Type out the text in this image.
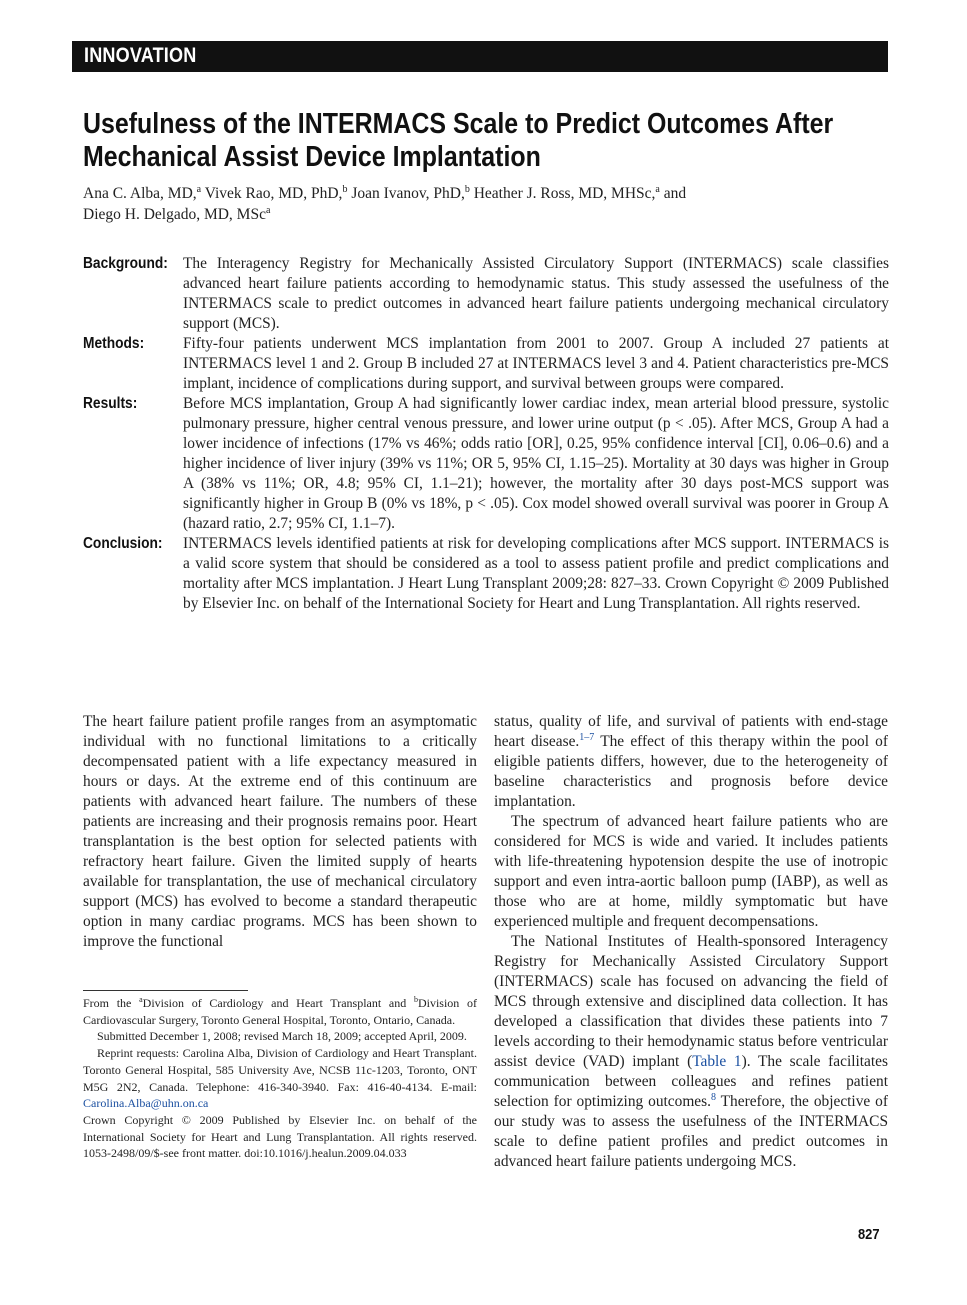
INNOVATION
Usefulness of the INTERMACS Scale to Predict Outcomes After
Mechanical Assist Device Implantation
Ana C. Alba, MD,$^a$ Vivek Rao, MD, PhD,$^b$ Joan Ivanov, PhD,$^b$ Heather J. Ross, MD, MHSc,$^a$ and
Diego H. Delgado, MD, MSc$^a$
Background: The Interagency Registry for Mechanically Assisted Circulatory Support (INTERMACS) scale classifies advanced heart failure patients according to hemodynamic status. This study assessed the usefulness of the INTERMACS scale to predict outcomes in advanced heart failure patients undergoing mechanical circulatory support (MCS).
Methods:	Fifty-four patients underwent MCS implantation from 2001 to 2007. Group A included 27 patients at INTERMACS level 1 and 2. Group B included 27 at INTERMACS level 3 and 4. Patient characteristics pre-MCS implant, incidence of complications during support, and survival between groups were compared.
Results:	Before MCS implantation, Group A had significantly lower cardiac index, mean arterial blood pressure, systolic pulmonary pressure, higher central venous pressure, and lower urine output (p < .05). After MCS, Group A had a lower incidence of infections (17% vs 46%; odds ratio [OR], 0.25, 95% confidence interval [CI], 0.06–0.6) and a higher incidence of liver injury (39% vs 11%; OR 5, 95% CI, 1.15–25). Mortality at 30 days was higher in Group A (38% vs 11%; OR, 4.8; 95% CI, 1.1–21); however, the mortality after 30 days post-MCS support was significantly higher in Group B (0% vs 18%, p < .05). Cox model showed overall survival was poorer in Group A (hazard ratio, 2.7; 95% CI, 1.1–7).
Conclusion: INTERMACS levels identified patients at risk for developing complications after MCS support. INTERMACS is a valid score system that should be considered as a tool to assess patient profile and predict complications and mortality after MCS implantation. J Heart Lung Transplant 2009;28: 827–33. Crown Copyright © 2009 Published by Elsevier Inc. on behalf of the International Society for Heart and Lung Transplantation. All rights reserved.

The heart failure patient profile ranges from an asymptomatic individual with no functional limitations to a critically decompensated patient with a life expectancy measured in hours or days. At the extreme end of this continuum are patients with advanced heart failure. The numbers of these patients are increasing and their prognosis remains poor. Heart transplantation is the best option for selected patients with refractory heart failure. Given the limited supply of hearts available for transplantation, the use of mechanical circulatory support (MCS) has evolved to become a standard therapeutic option in many cardiac programs. MCS has been shown to improve the functional

status, quality of life, and survival of patients with end-stage heart disease.$^{1-7}$ The effect of this therapy within the pool of eligible patients differs, however, due to the heterogeneity of baseline characteristics and prognosis before device implantation.

The spectrum of advanced heart failure patients who are considered for MCS is wide and varied. It includes patients with life-threatening hypotension despite the use of inotropic support and even intra-aortic balloon pump (IABP), as well as those who are at home, mildly symptomatic but have experienced multiple and frequent decompensations.

The National Institutes of Health-sponsored Interagency Registry for Mechanically Assisted Circulatory Support (INTERMACS) scale has focused on advancing the field of MCS through extensive and disciplined data collection. It has developed a classification that divides these patients into 7 levels according to their hemodynamic status before ventricular assist device (VAD) implant (Table 1). The scale facilitates communication between colleagues and refines patient selection for optimizing outcomes.$^8$ Therefore, the objective of our study was to assess the usefulness of the INTERMACS scale to define patient profiles and predict outcomes in advanced heart failure patients undergoing MCS.

From the $^a$Division of Cardiology and Heart Transplant and $^b$Division of Cardiovascular Surgery, Toronto General Hospital, Toronto, Ontario, Canada.

Submitted December 1, 2008; revised March 18, 2009; accepted April, 2009.

Reprint requests: Carolina Alba, Division of Cardiology and Heart Transplant. Toronto General Hospital, 585 University Ave, NCSB 11c-1203, Toronto, ONT M5G 2N2, Canada. Telephone: 416-340-3940. Fax: 416-40-4134. E-mail: Carolina.Alba@uhn.on.ca

Crown Copyright © 2009 Published by Elsevier Inc. on behalf of the International Society for Heart and Lung Transplantation. All rights reserved. 1053-2498/09/$-see front matter. doi:10.1016/j.healun.2009.04.033

827
